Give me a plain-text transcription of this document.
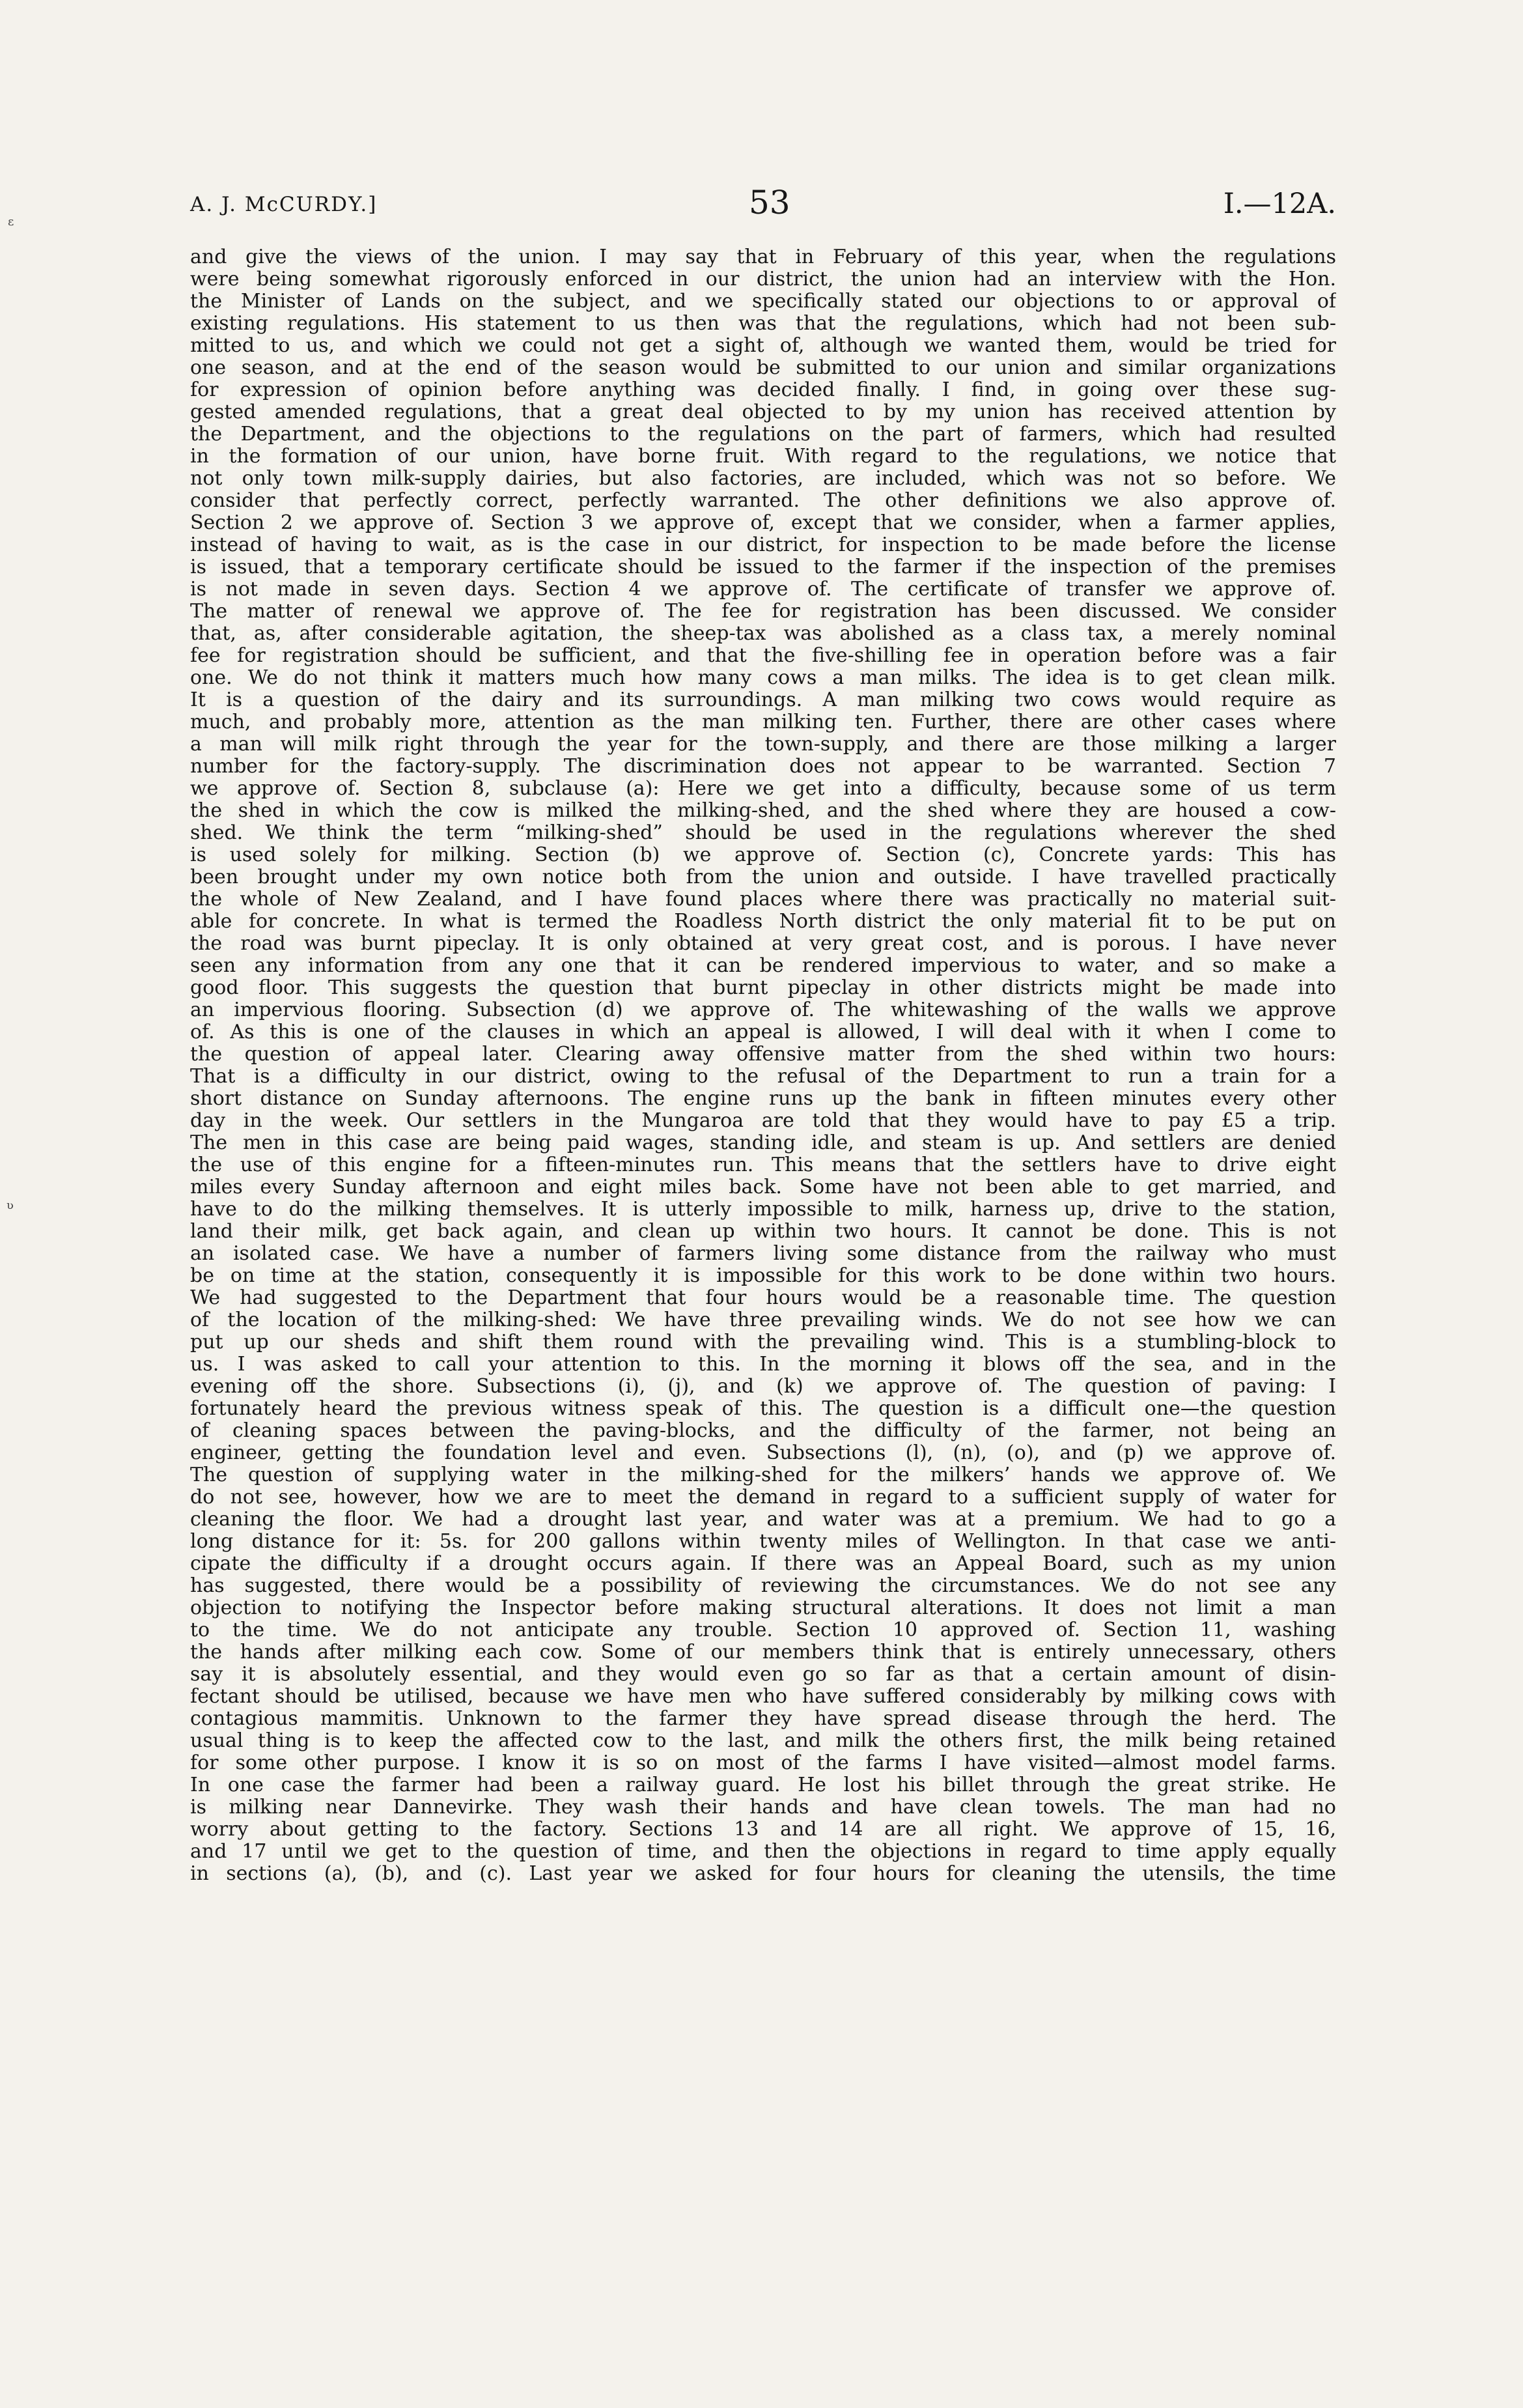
A. J. McCURDY.]	53	I.—12A.
ɛ
ʋ
and give the views of the union. I may say that in February of this year, when the regulations
were being somewhat rigorously enforced in our district, the union had an interview with the Hon.
the Minister of Lands on the subject, and we specifically stated our objections to or approval of
existing regulations. His statement to us then was that the regulations, which had not been sub-
mitted to us, and which we could not get a sight of, although we wanted them, would be tried for
one season, and at the end of the season would be submitted to our union and similar organizations
for expression of opinion before anything was decided finally. I find, in going over these sug-
gested amended regulations, that a great deal objected to by my union has received attention by
the Department, and the objections to the regulations on the part of farmers, which had resulted
in the formation of our union, have borne fruit. With regard to the regulations, we notice that
not only town milk-supply dairies, but also factories, are included, which was not so before. We
consider that perfectly correct, perfectly warranted. The other definitions we also approve of.
Section 2 we approve of. Section 3 we approve of, except that we consider, when a farmer applies,
instead of having to wait, as is the case in our district, for inspection to be made before the license
is issued, that a temporary certificate should be issued to the farmer if the inspection of the premises
is not made in seven days. Section 4 we approve of. The certificate of transfer we approve of.
The matter of renewal we approve of. The fee for registration has been discussed. We consider
that, as, after considerable agitation, the sheep-tax was abolished as a class tax, a merely nominal
fee for registration should be sufficient, and that the five-shilling fee in operation before was a fair
one. We do not think it matters much how many cows a man milks. The idea is to get clean milk.
It is a question of the dairy and its surroundings. A man milking two cows would require as
much, and probably more, attention as the man milking ten. Further, there are other cases where
a man will milk right through the year for the town-supply, and there are those milking a larger
number for the factory-supply. The discrimination does not appear to be warranted. Section 7
we approve of. Section 8, subclause (a): Here we get into a difficulty, because some of us term
the shed in which the cow is milked the milking-shed, and the shed where they are housed a cow-
shed. We think the term “milking-shed” should be used in the regulations wherever the shed
is used solely for milking. Section (b) we approve of. Section (c), Concrete yards: This has
been brought under my own notice both from the union and outside. I have travelled practically
the whole of New Zealand, and I have found places where there was practically no material suit-
able for concrete. In what is termed the Roadless North district the only material fit to be put on
the road was burnt pipeclay. It is only obtained at very great cost, and is porous. I have never
seen any information from any one that it can be rendered impervious to water, and so make a
good floor. This suggests the question that burnt pipeclay in other districts might be made into
an impervious flooring. Subsection (d) we approve of. The whitewashing of the walls we approve
of. As this is one of the clauses in which an appeal is allowed, I will deal with it when I come to
the question of appeal later. Clearing away offensive matter from the shed within two hours:
That is a difficulty in our district, owing to the refusal of the Department to run a train for a
short distance on Sunday afternoons. The engine runs up the bank in fifteen minutes every other
day in the week. Our settlers in the Mungaroa are told that they would have to pay £5 a trip.
The men in this case are being paid wages, standing idle, and steam is up. And settlers are denied
the use of this engine for a fifteen-minutes run. This means that the settlers have to drive eight
miles every Sunday afternoon and eight miles back. Some have not been able to get married, and
have to do the milking themselves. It is utterly impossible to milk, harness up, drive to the station,
land their milk, get back again, and clean up within two hours. It cannot be done. This is not
an isolated case. We have a number of farmers living some distance from the railway who must
be on time at the station, consequently it is impossible for this work to be done within two hours.
We had suggested to the Department that four hours would be a reasonable time. The question
of the location of the milking-shed: We have three prevailing winds. We do not see how we can
put up our sheds and shift them round with the prevailing wind. This is a stumbling-block to
us. I was asked to call your attention to this. In the morning it blows off the sea, and in the
evening off the shore. Subsections (i), (j), and (k) we approve of. The question of paving: I
fortunately heard the previous witness speak of this. The question is a difficult one—the question
of cleaning spaces between the paving-blocks, and the difficulty of the farmer, not being an
engineer, getting the foundation level and even. Subsections (l), (n), (o), and (p) we approve of.
The question of supplying water in the milking-shed for the milkers’ hands we approve of. We
do not see, however, how we are to meet the demand in regard to a sufficient supply of water for
cleaning the floor. We had a drought last year, and water was at a premium. We had to go a
long distance for it: 5s. for 200 gallons within twenty miles of Wellington. In that case we anti-
cipate the difficulty if a drought occurs again. If there was an Appeal Board, such as my union
has suggested, there would be a possibility of reviewing the circumstances. We do not see any
objection to notifying the Inspector before making structural alterations. It does not limit a man
to the time. We do not anticipate any trouble. Section 10 approved of. Section 11, washing
the hands after milking each cow. Some of our members think that is entirely unnecessary, others
say it is absolutely essential, and they would even go so far as that a certain amount of disin-
fectant should be utilised, because we have men who have suffered considerably by milking cows with
contagious mammitis. Unknown to the farmer they have spread disease through the herd. The
usual thing is to keep the affected cow to the last, and milk the others first, the milk being retained
for some other purpose. I know it is so on most of the farms I have visited—almost model farms.
In one case the farmer had been a railway guard. He lost his billet through the great strike. He
is milking near Dannevirke. They wash their hands and have clean towels. The man had no
worry about getting to the factory. Sections 13 and 14 are all right. We approve of 15, 16,
and 17 until we get to the question of time, and then the objections in regard to time apply equally
in sections (a), (b), and (c). Last year we asked for four hours for cleaning the utensils, the time
